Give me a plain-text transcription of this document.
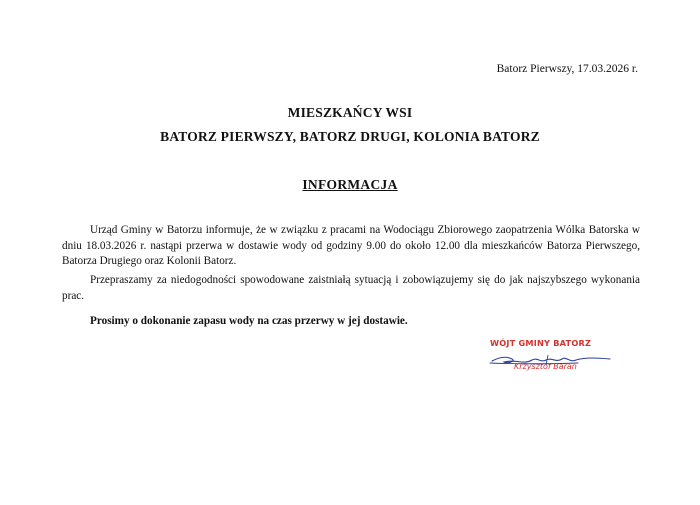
Batorz Pierwszy, 17.03.2026 r.
MIESZKAŃCY WSI
BATORZ PIERWSZY, BATORZ DRUGI, KOLONIA BATORZ
INFORMACJA

Urząd Gminy w Batorzu informuje, że w związku z pracami na Wodociągu Zbiorowego zaopatrzenia Wólka Batorska w dniu 18.03.2026 r. nastąpi przerwa w dostawie wody od godziny 9.00 do około 12.00 dla mieszkańców Batorza Pierwszego, Batorza Drugiego oraz Kolonii Batorz.

Przepraszamy za niedogodności spowodowane zaistniałą sytuacją i zobowiązujemy się do jak najszybszego wykonania prac.

Prosimy o dokonanie zapasu wody na czas przerwy w jej dostawie.

WÓJT GMINY BATORZ
Krzysztof Baran
